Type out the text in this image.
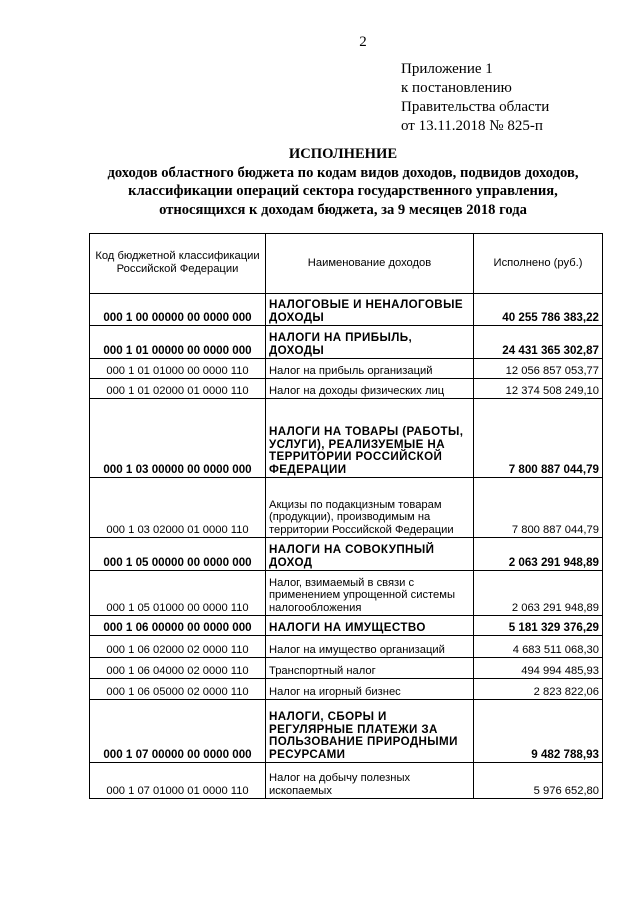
2
Приложение 1
к постановлению
Правительства области
от 13.11.2018 № 825-п
ИСПОЛНЕНИЕ
доходов областного бюджета по кодам видов доходов, подвидов доходов,
классификации операций сектора государственного управления,
относящихся к доходам бюджета, за 9 месяцев 2018 года
Код бюджетной классификации Российской Федерации	Наименование доходов	Исполнено (руб.)
000 1 00 00000 00 0000 000	НАЛОГОВЫЕ И НЕНАЛОГОВЫЕ ДОХОДЫ	40 255 786 383,22
000 1 01 00000 00 0000 000	НАЛОГИ НА ПРИБЫЛЬ, ДОХОДЫ	24 431 365 302,87
000 1 01 01000 00 0000 110	Налог на прибыль организаций	12 056 857 053,77
000 1 01 02000 01 0000 110	Налог на доходы физических лиц	12 374 508 249,10
000 1 03 00000 00 0000 000	НАЛОГИ НА ТОВАРЫ (РАБОТЫ, УСЛУГИ), РЕАЛИЗУЕМЫЕ НА ТЕРРИТОРИИ РОССИЙСКОЙ ФЕДЕРАЦИИ	7 800 887 044,79
000 1 03 02000 01 0000 110	Акцизы по подакцизным товарам (продукции), производимым на территории Российской Федерации	7 800 887 044,79
000 1 05 00000 00 0000 000	НАЛОГИ НА СОВОКУПНЫЙ ДОХОД	2 063 291 948,89
000 1 05 01000 00 0000 110	Налог, взимаемый в связи с применением упрощенной системы налогообложения	2 063 291 948,89
000 1 06 00000 00 0000 000	НАЛОГИ НА ИМУЩЕСТВО	5 181 329 376,29
000 1 06 02000 02 0000 110	Налог на имущество организаций	4 683 511 068,30
000 1 06 04000 02 0000 110	Транспортный налог	494 994 485,93
000 1 06 05000 02 0000 110	Налог на игорный бизнес	2 823 822,06
000 1 07 00000 00 0000 000	НАЛОГИ, СБОРЫ И РЕГУЛЯРНЫЕ ПЛАТЕЖИ ЗА ПОЛЬЗОВАНИЕ ПРИРОДНЫМИ РЕСУРСАМИ	9 482 788,93
000 1 07 01000 01 0000 110	Налог на добычу полезных ископаемых	5 976 652,80
